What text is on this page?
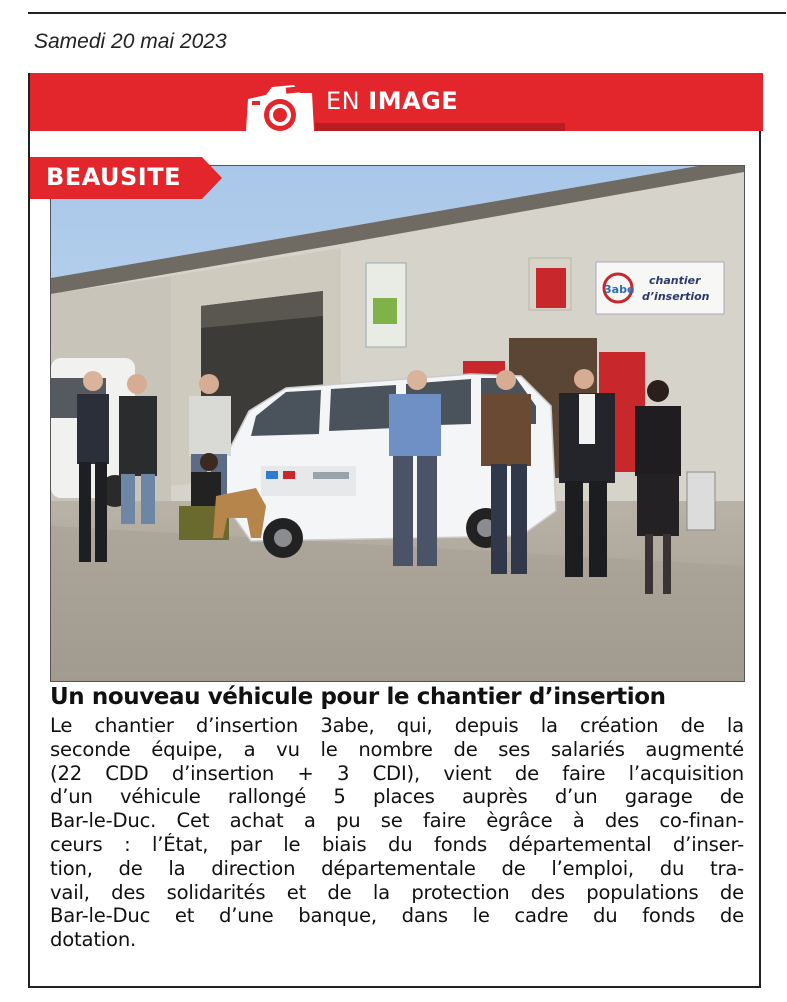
Samedi 20 mai 2023
EN IMAGE
BEAUSITE
3abe
chantier
d’insertion
Un nouveau véhicule pour le chantier d’insertion
Le chantier d’insertion 3abe, qui, depuis la création de la
seconde équipe, a vu le nombre de ses salariés augmenté
(22 CDD d’insertion + 3 CDI), vient de faire l’acquisition
d’un véhicule rallongé 5 places auprès d’un garage de
Bar-le-Duc. Cet achat a pu se faire ègrâce à des co-finan-
ceurs : l’État, par le biais du fonds départemental d’inser-
tion, de la direction départementale de l’emploi, du tra-
vail, des solidarités et de la protection des populations de
Bar-le-Duc et d’une banque, dans le cadre du fonds de
dotation.
